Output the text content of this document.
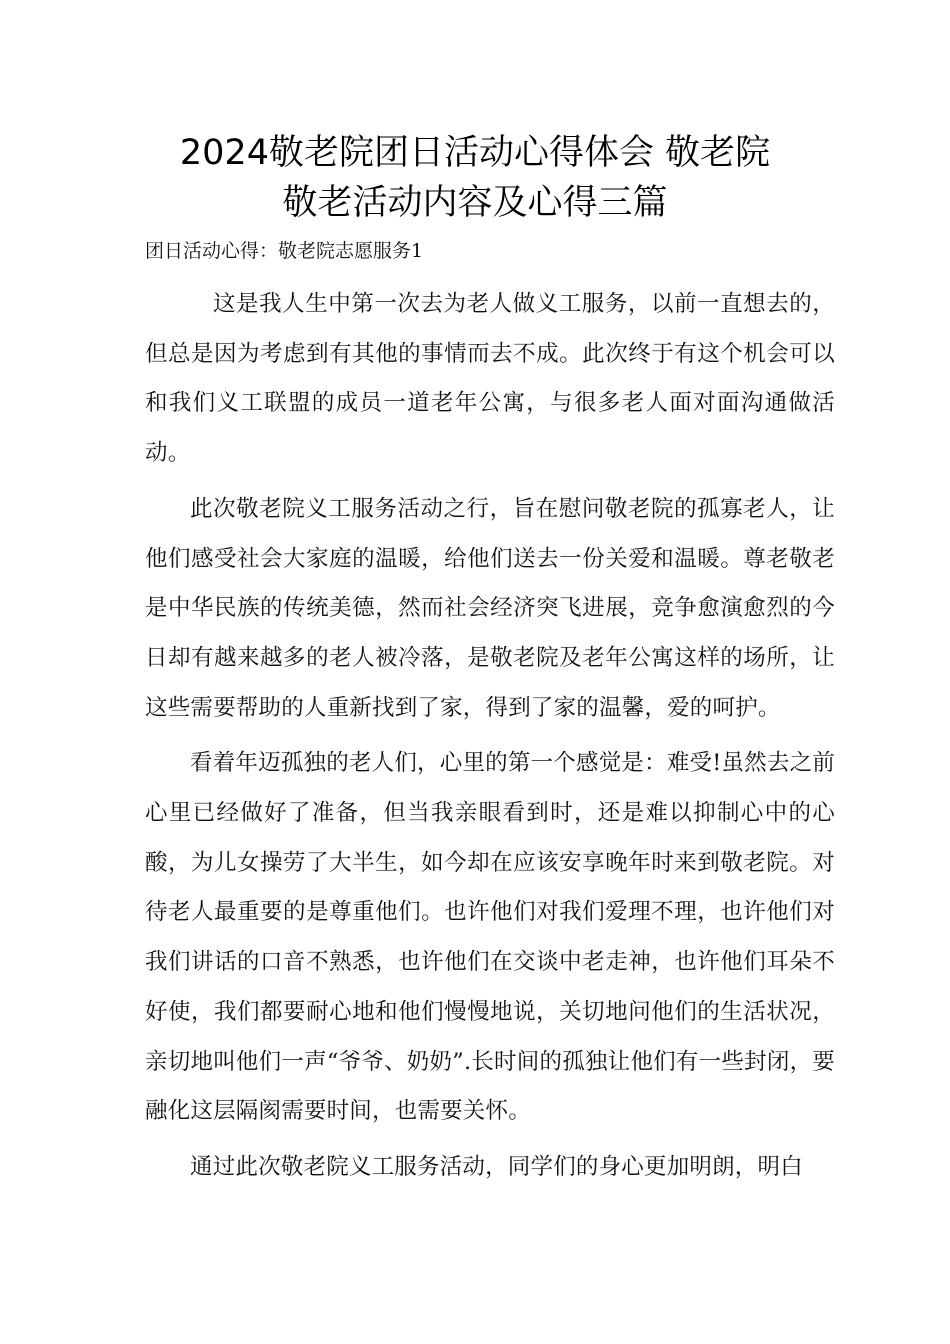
2024敬老院团日活动心得体会 敬老院
敬老活动内容及心得三篇

团日活动心得：敬老院志愿服务1

这是我人生中第一次去为老人做义工服务，以前一直想去的，但总是因为考虑到有其他的事情而去不成。此次终于有这个机会可以和我们义工联盟的成员一道老年公寓，与很多老人面对面沟通做活动。

此次敬老院义工服务活动之行，旨在慰问敬老院的孤寡老人，让他们感受社会大家庭的温暖，给他们送去一份关爱和温暖。尊老敬老是中华民族的传统美德，然而社会经济突飞进展，竞争愈演愈烈的今日却有越来越多的老人被冷落，是敬老院及老年公寓这样的场所，让这些需要帮助的人重新找到了家，得到了家的温馨，爱的呵护。

看着年迈孤独的老人们，心里的第一个感觉是：难受!虽然去之前心里已经做好了准备，但当我亲眼看到时，还是难以抑制心中的心酸，为儿女操劳了大半生，如今却在应该安享晚年时来到敬老院。对待老人最重要的是尊重他们。也许他们对我们爱理不理，也许他们对我们讲话的口音不熟悉，也许他们在交谈中老走神，也许他们耳朵不好使，我们都要耐心地和他们慢慢地说，关切地问他们的生活状况，亲切地叫他们一声“爷爷、奶奶”.长时间的孤独让他们有一些封闭，要融化这层隔阂需要时间，也需要关怀。

通过此次敬老院义工服务活动，同学们的身心更加明朗，明白
